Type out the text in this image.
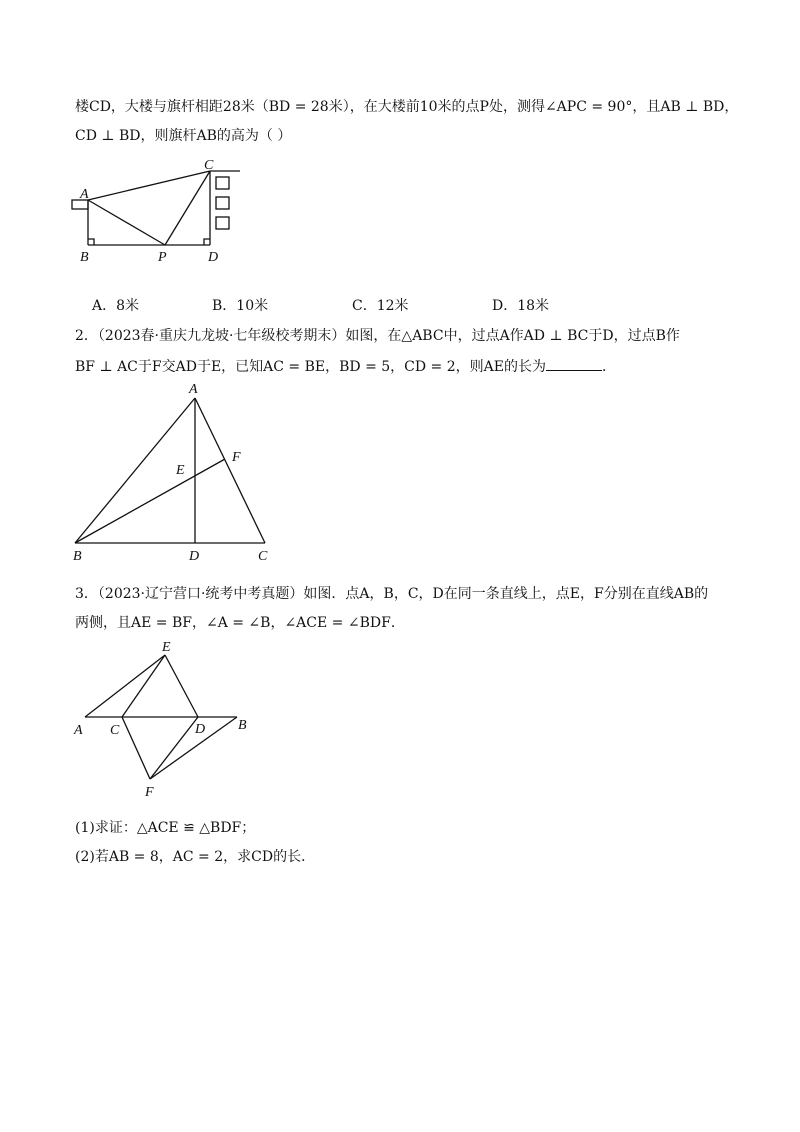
楼CD，大楼与旗杆相距28米（BD = 28米），在大楼前10米的点P处，测得∠APC = 90°，且AB ⊥ BD，
CD ⊥ BD，则旗杆AB的高为（ ）
A
C
B	P	D
A
E
F
B	D	C
E
A C	D B
F
A．8米	B．10米	C．12米	D．18米
2．（2023春·重庆九龙坡·七年级校考期末）如图，在△ABC中，过点A作AD ⊥ BC于D，过点B作
BF ⊥ AC于F交AD于E，已知AC = BE，BD = 5，CD = 2，则AE的长为	．
3．（2023·辽宁营口·统考中考真题）如图．点A，B，C，D在同一条直线上，点E，F分别在直线AB的
两侧，且AE = BF，∠A = ∠B，∠ACE = ∠BDF．
(1)求证：△ACE ≌ △BDF；
(2)若AB = 8，AC = 2，求CD的长．
